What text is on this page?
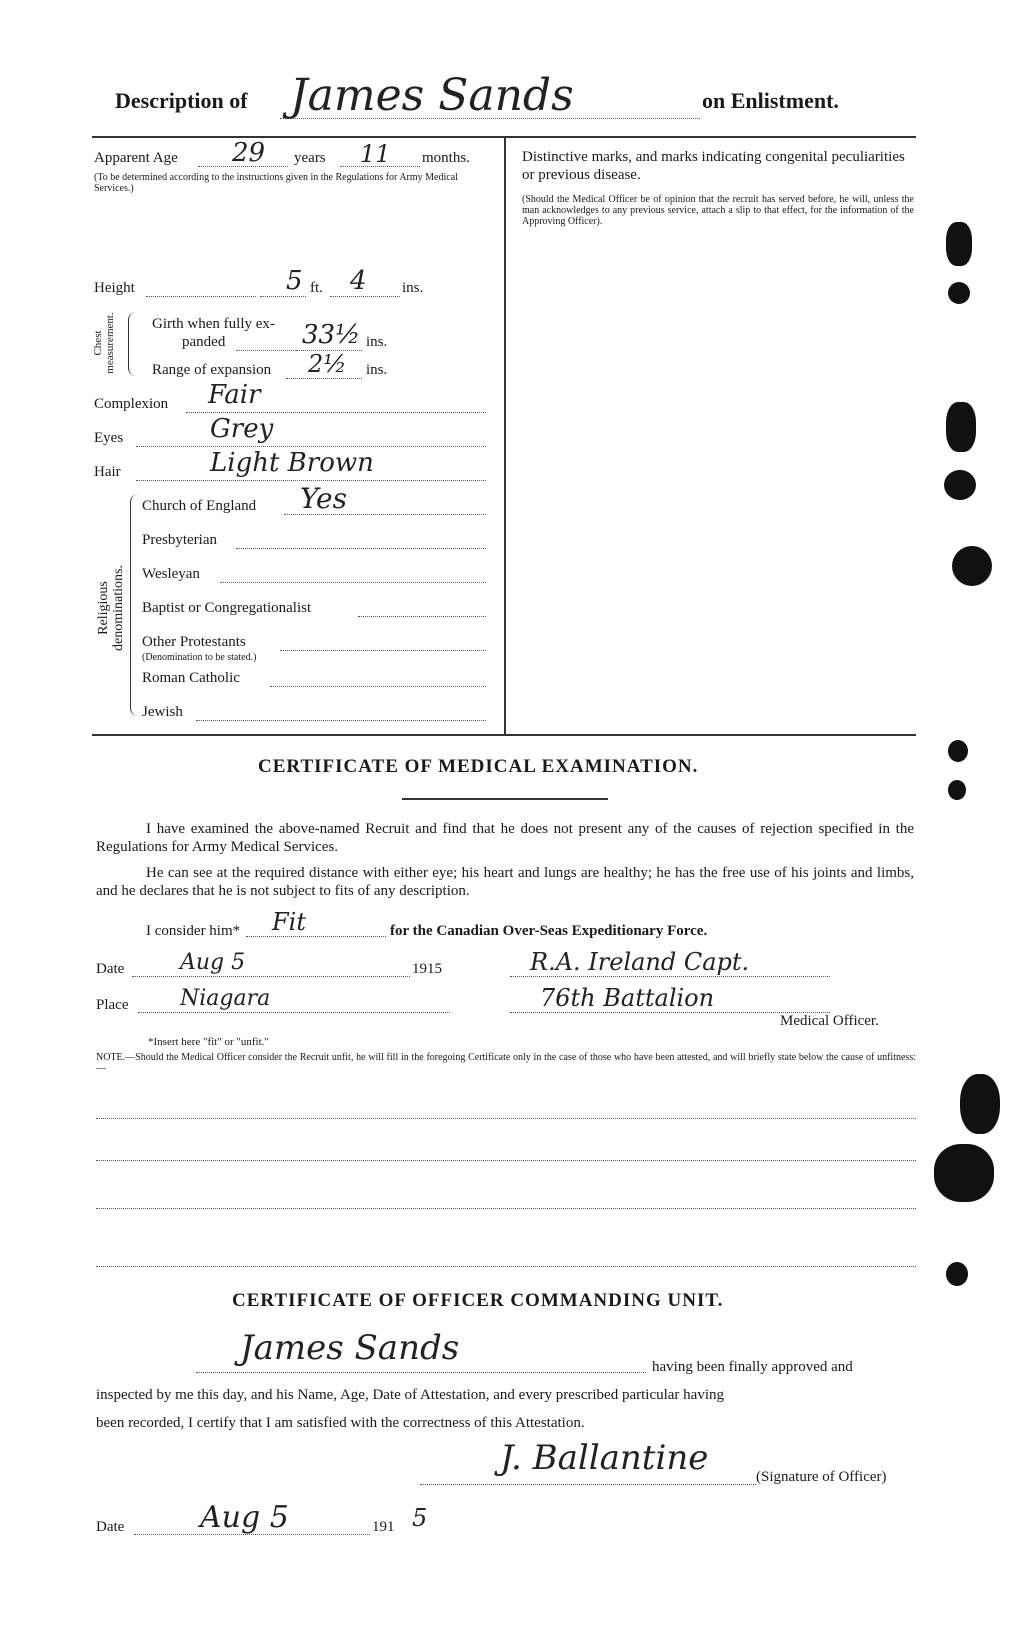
Description of James Sands	on Enlistment.
Apparent Age 29 years 11 months.
(To be determined according to the instructions given in the Regulations for Army Medical Services.)
Height	5 ft. 4 ins.
Chest measurement. Girth when fully ex-
panded	33½ ins.
Range of expansion 2½ ins.
Complexion Fair
Eyes	Grey
Hair	Light Brown
Religious denominations.
Church of England Yes
Presbyterian
Wesleyan
Baptist or Congregationalist
Other Protestants
(Denomination to be stated.)
Roman Catholic
Jewish
Distinctive marks, and marks indicating congenital peculiarities or previous disease.
(Should the Medical Officer be of opinion that the recruit has served before, he will, unless the man acknowledges to any previous service, attach a slip to that effect, for the information of the Approving Officer).
CERTIFICATE OF MEDICAL EXAMINATION.
I have examined the above-named Recruit and find that he does not present any of the causes of rejection specified in the Regulations for Army Medical Services.
He can see at the required distance with either eye; his heart and lungs are healthy; he has the free use of his joints and limbs, and he declares that he is not subject to fits of any description.
I consider him* Fit	for the Canadian Over-Seas Expeditionary Force.
Date	Aug 5	1915	R.A. Ireland Capt.
Place Niagara	76th Battalion
Medical Officer.
*Insert here "fit" or "unfit."
NOTE.—Should the Medical Officer consider the Recruit unfit, he will fill in the foregoing Certificate only in the case of those who have been attested, and will briefly state below the cause of unfitness:—
CERTIFICATE OF OFFICER COMMANDING UNIT.
James Sands	having been finally approved and
inspected by me this day, and his Name, Age, Date of Attestation, and every prescribed particular having
been recorded, I certify that I am satisfied with the correctness of this Attestation.
J. Ballantine	(Signature of Officer)
Date	Aug 5	191 5
